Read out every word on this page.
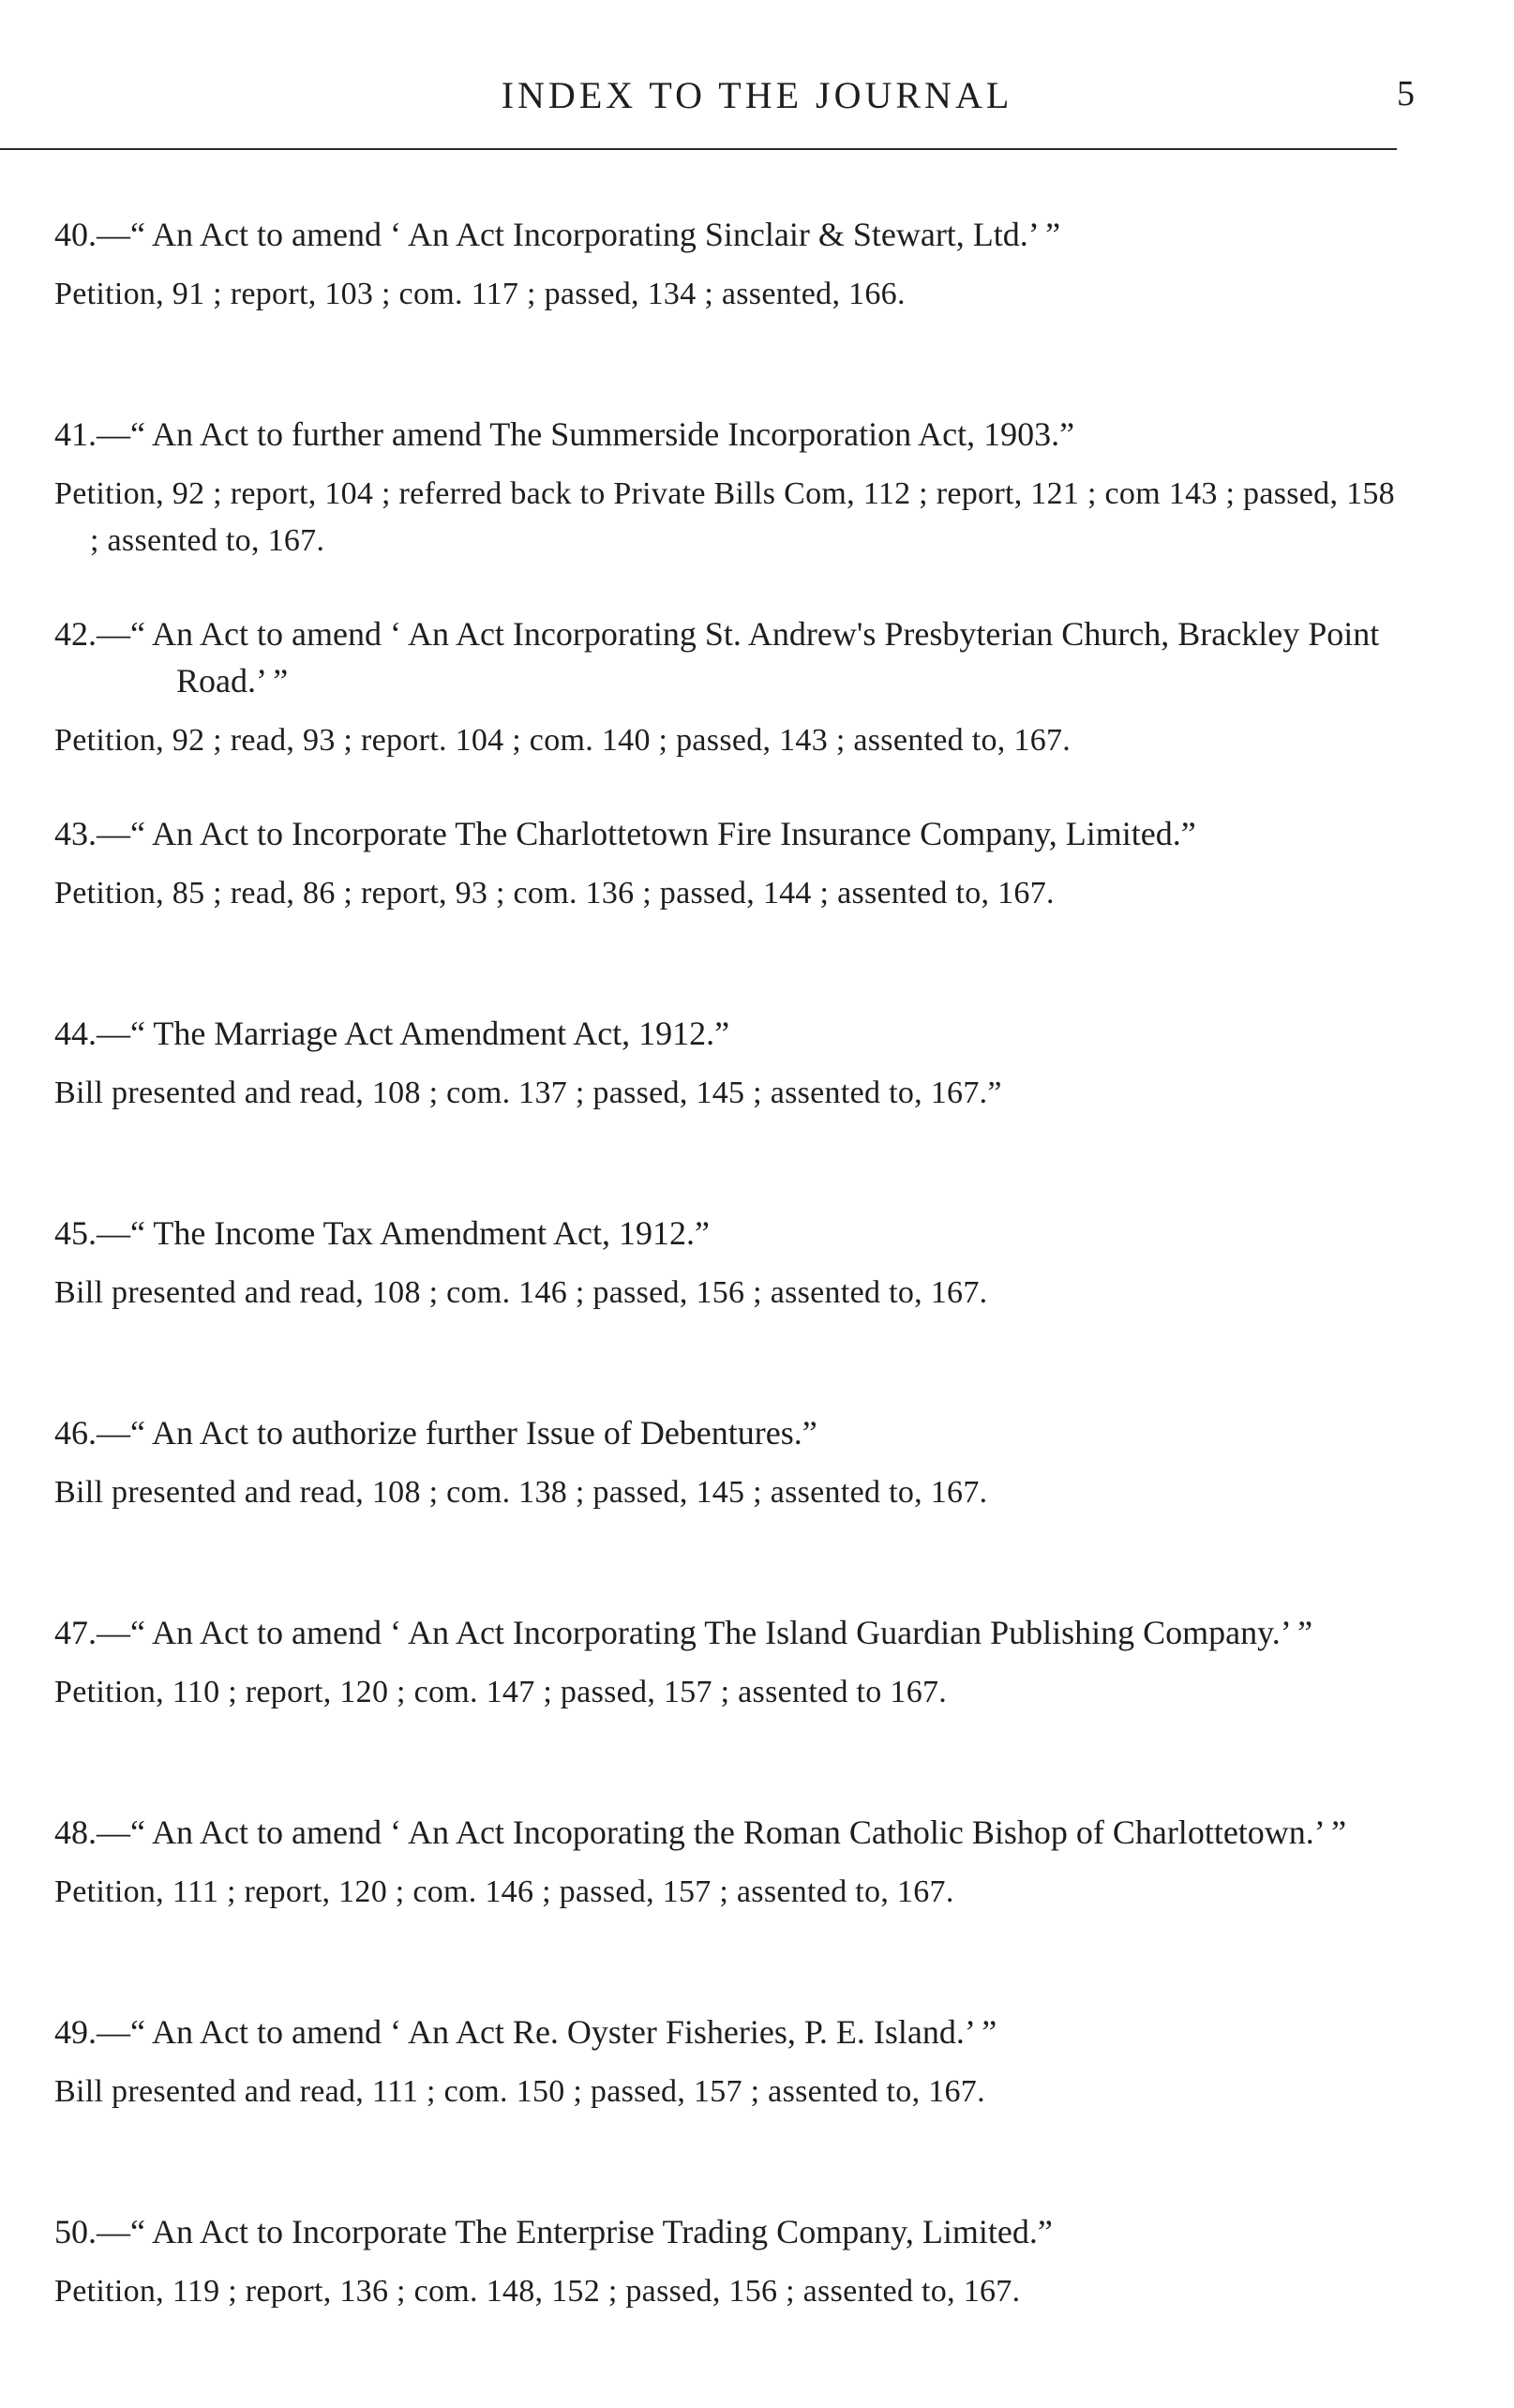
INDEX TO THE JOURNAL	5

40.—“ An Act to amend ‘ An Act Incorporating Sinclair & Stewart, Ltd.’ ”

Petition, 91 ; report, 103 ; com. 117 ; passed, 134 ; assented, 166.

41.—“ An Act to further amend The Summerside Incorporation Act, 1903.”

Petition, 92 ; report, 104 ; referred back to Private Bills Com, 112 ; report, 121 ; com 143 ; passed, 158 ; assented to, 167.

42.—“ An Act to amend ‘ An Act Incorporating St. Andrew's Presbyterian Church, Brackley Point Road.’ ”

Petition, 92 ; read, 93 ; report. 104 ; com. 140 ; passed, 143 ; assented to, 167.

43.—“ An Act to Incorporate The Charlottetown Fire Insurance Company, Limited.”

Petition, 85 ; read, 86 ; report, 93 ; com. 136 ; passed, 144 ; assented to, 167.

44.—“ The Marriage Act Amendment Act, 1912.”

Bill presented and read, 108 ; com. 137 ; passed, 145 ; assented to, 167.”

45.—“ The Income Tax Amendment Act, 1912.”

Bill presented and read, 108 ; com. 146 ; passed, 156 ; assented to, 167.

46.—“ An Act to authorize further Issue of Debentures.”

Bill presented and read, 108 ; com. 138 ; passed, 145 ; assented to, 167.

47.—“ An Act to amend ‘ An Act Incorporating The Island Guardian Publishing Company.’ ”

Petition, 110 ; report, 120 ; com. 147 ; passed, 157 ; assented to 167.

48.—“ An Act to amend ‘ An Act Incoporating the Roman Catholic Bishop of Charlottetown.’ ”

Petition, 111 ; report, 120 ; com. 146 ; passed, 157 ; assented to, 167.

49.—“ An Act to amend ‘ An Act Re. Oyster Fisheries, P. E. Island.’ ”

Bill presented and read, 111 ; com. 150 ; passed, 157 ; assented to, 167.

50.—“ An Act to Incorporate The Enterprise Trading Company, Limited.”

Petition, 119 ; report, 136 ; com. 148, 152 ; passed, 156 ; assented to, 167.
